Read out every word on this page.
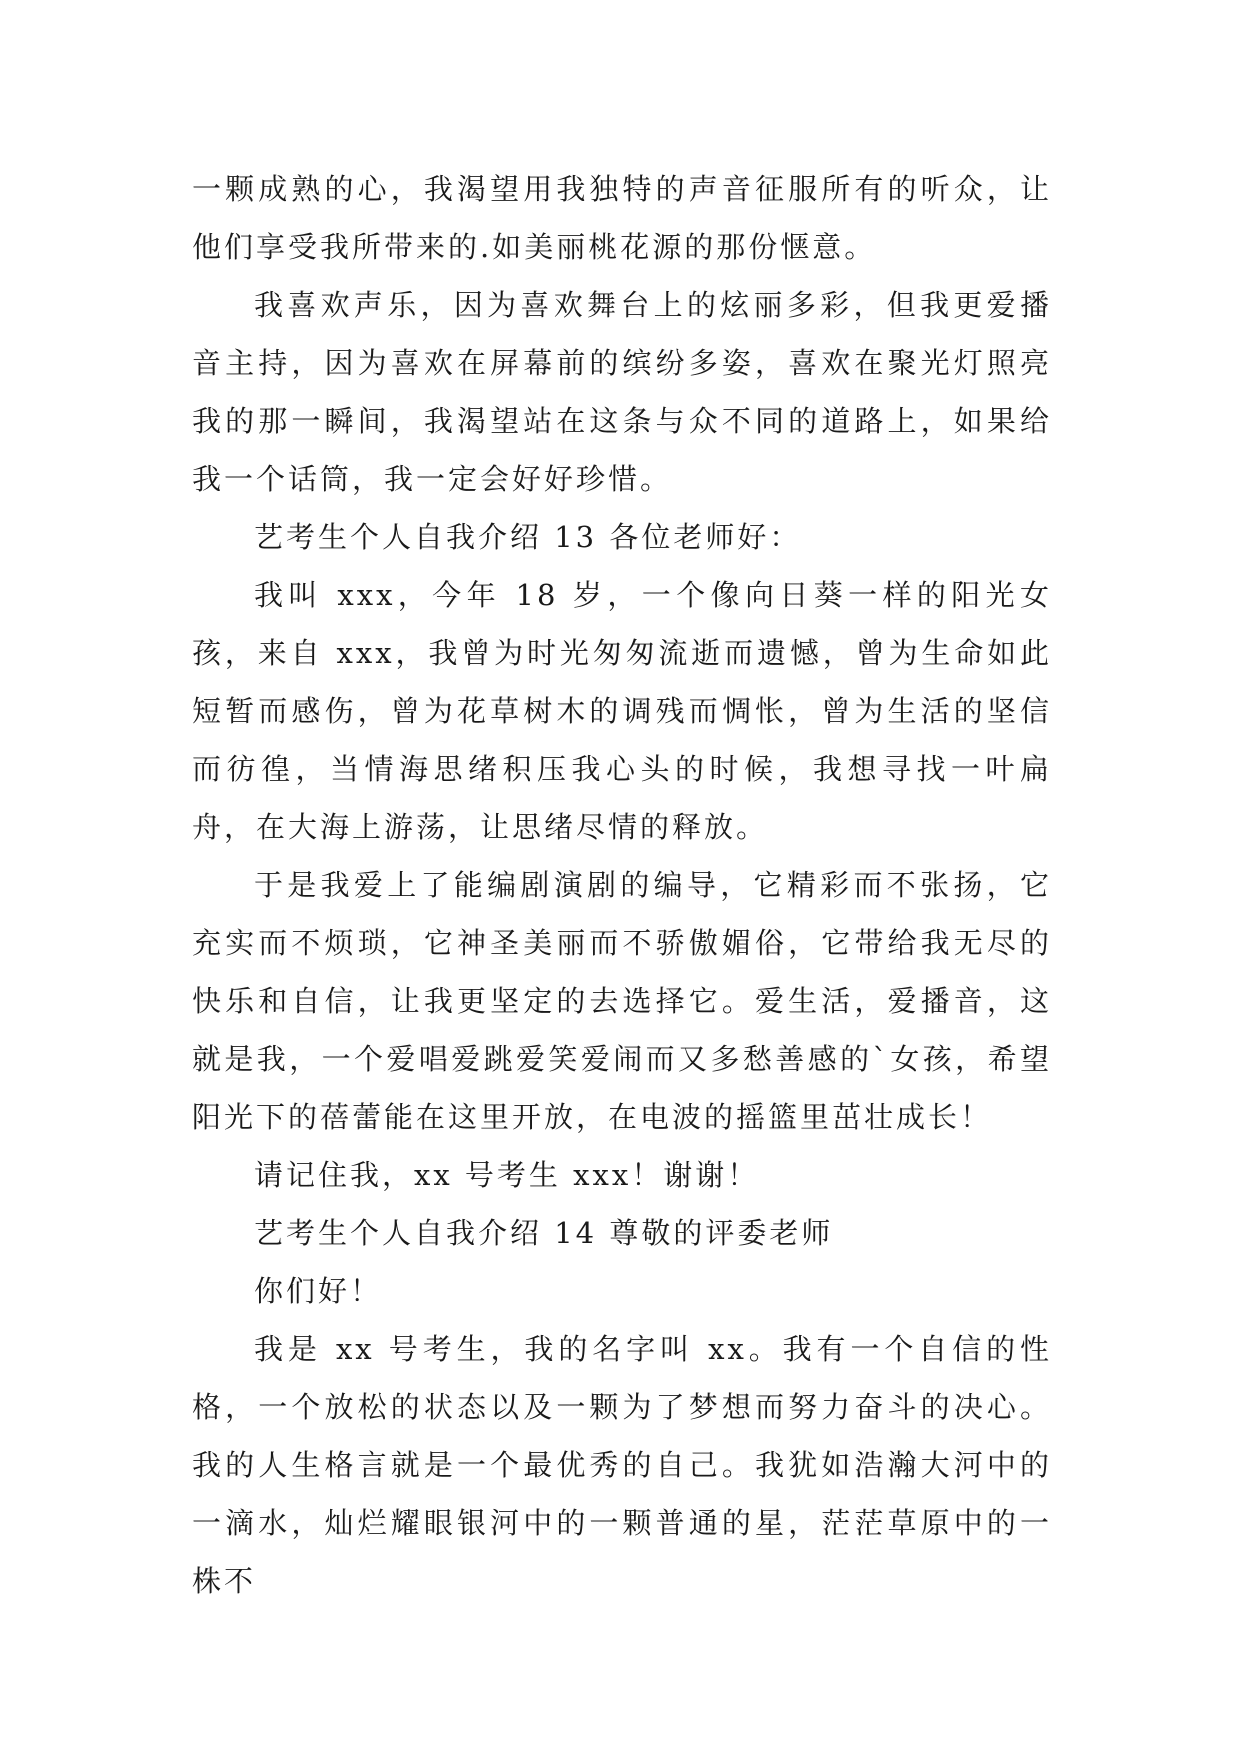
一颗成熟的心，我渴望用我独特的声音征服所有的听众，让他们享受我所带来的.如美丽桃花源的那份惬意。

我喜欢声乐，因为喜欢舞台上的炫丽多彩，但我更爱播音主持，因为喜欢在屏幕前的缤纷多姿，喜欢在聚光灯照亮我的那一瞬间，我渴望站在这条与众不同的道路上，如果给我一个话筒，我一定会好好珍惜。

艺考生个人自我介绍 13 各位老师好：

我叫 xxx，今年 18 岁，一个像向日葵一样的阳光女孩，来自 xxx，我曾为时光匆匆流逝而遗憾，曾为生命如此短暂而感伤，曾为花草树木的调残而惆怅，曾为生活的坚信而彷徨，当情海思绪积压我心头的时候，我想寻找一叶扁舟，在大海上游荡，让思绪尽情的释放。

于是我爱上了能编剧演剧的编导，它精彩而不张扬，它充实而不烦琐，它神圣美丽而不骄傲媚俗，它带给我无尽的快乐和自信，让我更坚定的去选择它。爱生活，爱播音，这就是我，一个爱唱爱跳爱笑爱闹而又多愁善感的`女孩，希望阳光下的蓓蕾能在这里开放，在电波的摇篮里茁壮成长！

请记住我，xx 号考生 xxx！谢谢！

艺考生个人自我介绍 14 尊敬的评委老师

你们好！

我是 xx 号考生，我的名字叫 xx。我有一个自信的性格，一个放松的状态以及一颗为了梦想而努力奋斗的决心。我的人生格言就是一个最优秀的自己。我犹如浩瀚大河中的一滴水，灿烂耀眼银河中的一颗普通的星，茫茫草原中的一株不
